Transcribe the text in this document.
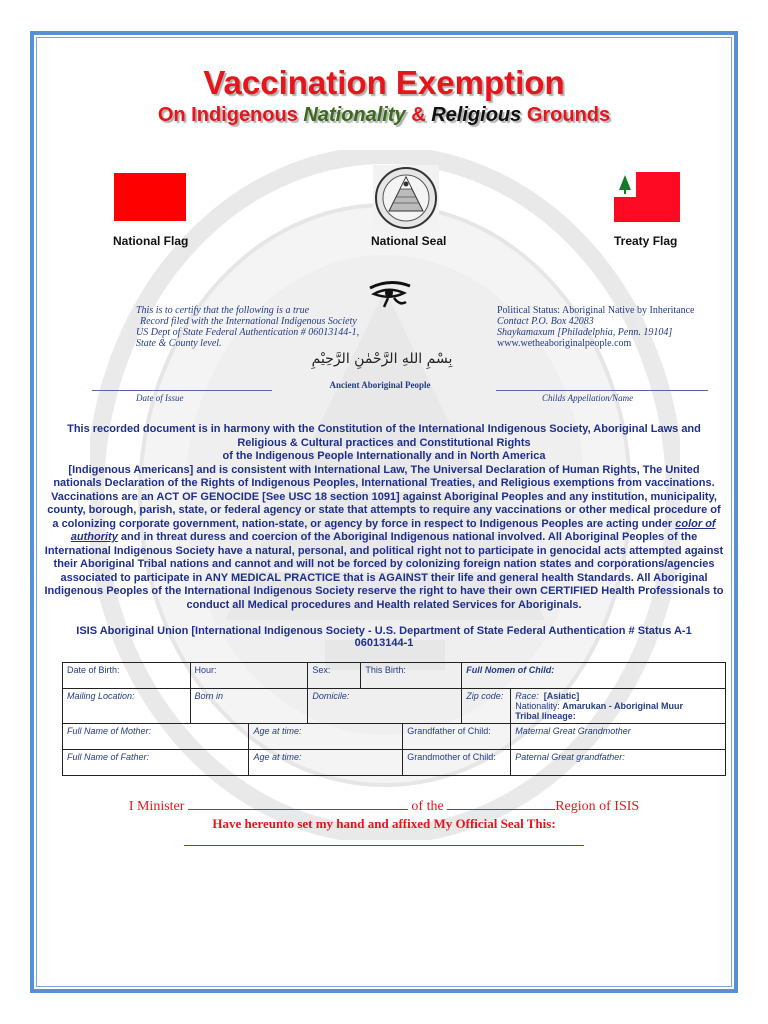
Vaccination Exemption
On Indigenous Nationality & Religious Grounds
National Flag	National Seal	Treaty Flag
This is to certify that the following is a true
Record filed with the International Indigenous Society
US Dept of State Federal Authentication # 06013144-1,
State & County level.
Political Status: Aboriginal Native by Inheritance
Contact P.O. Box 42083
Shaykamaxum [Philadelphia, Penn. 19104]
www.wetheaboriginalpeople.com
بِسْمِ اللهِ الرَّحْمٰنِ الرَّحِيْمِ
Ancient Aboriginal People
Date of Issue	Childs Appellation/Name
This recorded document is in harmony with the Constitution of the International Indigenous Society, Aboriginal Laws and Religious & Cultural practices and Constitutional Rights
of the Indigenous People Internationally and in North America
[Indigenous Americans] and is consistent with International Law, The Universal Declaration of Human Rights, The United nationals Declaration of the Rights of Indigenous Peoples, International Treaties, and Religious exemptions from vaccinations. Vaccinations are an ACT OF GENOCIDE [See USC 18 section 1091] against Aboriginal Peoples and any institution, municipality, county, borough, parish, state, or federal agency or state that attempts to require any vaccinations or other medical procedure of a colonizing corporate government, nation-state, or agency by force in respect to Indigenous Peoples are acting under color of authority and in threat duress and coercion of the Aboriginal Indigenous national involved. All Aboriginal Peoples of the International Indigenous Society have a natural, personal, and political right not to participate in genocidal acts attempted against their Aboriginal Tribal nations and cannot and will not be forced by colonizing foreign nation states and corporations/agencies associated to participate in ANY MEDICAL PRACTICE that is AGAINST their life and general health Standards. All Aboriginal Indigenous Peoples of the International Indigenous Society reserve the right to have their own CERTIFIED Health Professionals to conduct all Medical procedures and Health related Services for Aboriginals.
ISIS Aboriginal Union [International Indigenous Society - U.S. Department of State Federal Authentication # Status A-1 06013144-1
Date of Birth:	Hour:		Sex:	This Birth:		Full Nomen of Child:	
Mailing Location:	Born in		Domicile:			Zip code:	Race: [Asiatic]
Nationality: Amarukan - Aboriginal Muur
Tribal lineage:

Full Name of Mother:		Age at time:			Grandfather of Child:		Maternal Great Grandmother
Full Name of Father:		Age at time:			Grandmother of Child:		Paternal Great grandfather:
I Minister	of the	Region of ISIS
Have hereunto set my hand and affixed My Official Seal This:
